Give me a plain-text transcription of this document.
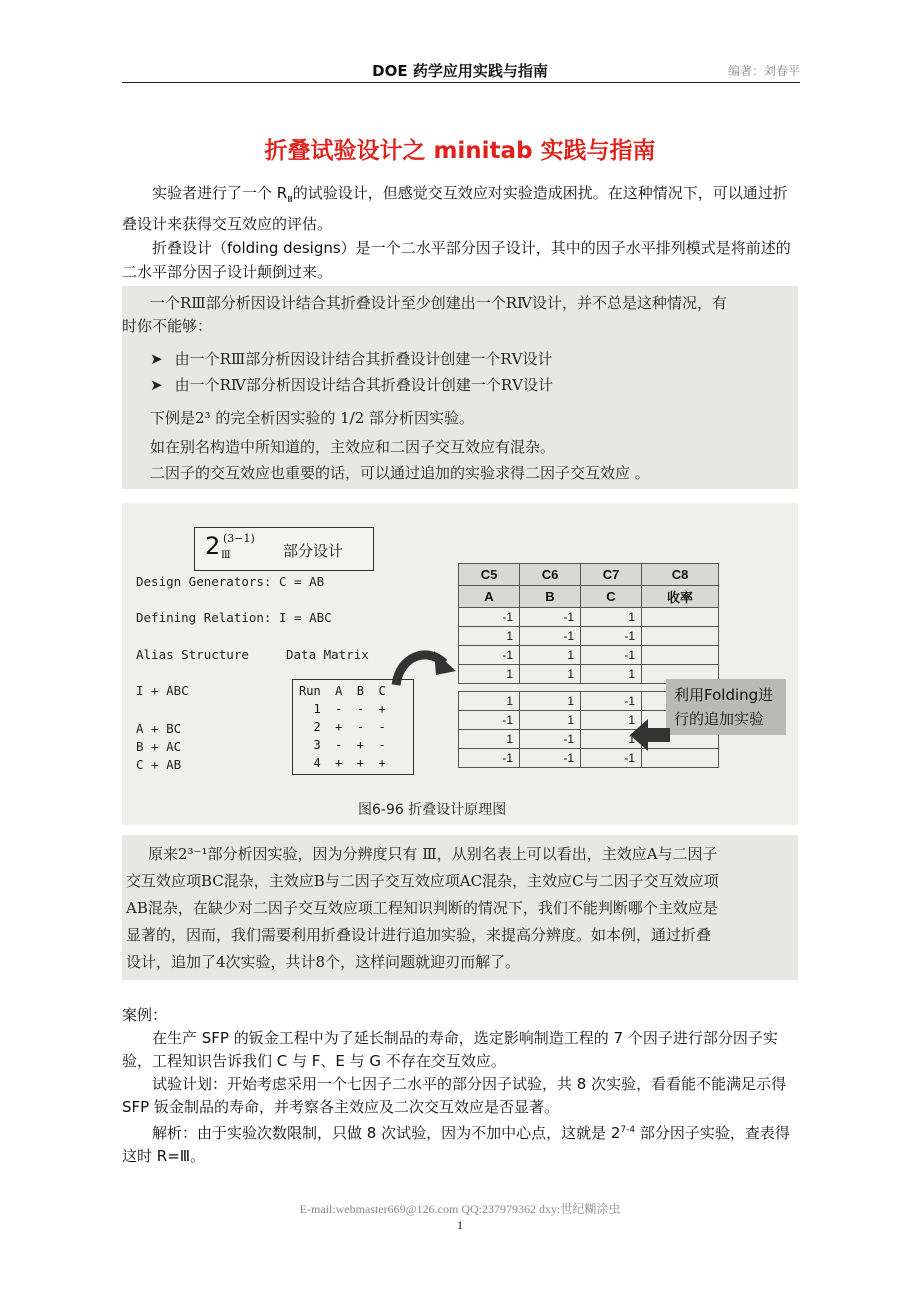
DOE 药学应用实践与指南	编著：刘春平
折叠试验设计之 minitab 实践与指南

实验者进行了一个 $R_Ⅲ$的试验设计，但感觉交互效应对实验造成困扰。在这种情况下，可以通过折叠设计来获得交互效应的评估。

折叠设计（folding designs）是一个二水平部分因子设计，其中的因子水平排列模式是将前述的二水平部分因子设计颠倒过来。

一个RⅢ部分析因设计结合其折叠设计至少创建出一个RⅣ设计，并不总是这种情况，有
时你不能够：
➤ 由一个RⅢ部分析因设计结合其折叠设计创建一个RⅤ设计
➤ 由一个RⅣ部分析因设计结合其折叠设计创建一个RⅤ设计
下例是2³ 的完全析因实验的 1/2 部分析因实验。
如在别名构造中所知道的，主效应和二因子交互效应有混杂。
二因子的交互效应也重要的话，可以通过追加的实验求得二因子交互效应 。
2 Ⅲ
(3−1)
部分设计
Design Generators: C = AB
Defining Relation: I = ABC
Alias Structure	Data Matrix
I + ABC
A + BC
B + AC
C + AB
Run  A  B  C
1  -  -  +
2  +  -  -
3  -  +  -
4  +  +  +
C5	C6	C7	C8
A	B	C	收率
-1	-1	1	
1	-1	-1	
-1	1	-1	
1	1	1	

1	1	-1	
-1	1	1	
1	-1	1	
-1	-1	-1	
利用Folding进行的追加实验
图6-96 折叠设计原理图

原来2³⁻¹部分析因实验，因为分辨度只有 Ⅲ，从别名表上可以看出，主效应A与二因子

交互效应项BC混杂，主效应B与二因子交互效应项AC混杂，主效应C与二因子交互效应项

AB混杂，在缺少对二因子交互效应项工程知识判断的情况下，我们不能判断哪个主效应是

显著的，因而，我们需要利用折叠设计进行追加实验，来提高分辨度。如本例，通过折叠

设计，追加了4次实验，共计8个，这样问题就迎刃而解了。

案例：

在生产 SFP 的钣金工程中为了延长制品的寿命，选定影响制造工程的 7 个因子进行部分因子实验，工程知识告诉我们 C 与 F、E 与 G 不存在交互效应。

试验计划：开始考虑采用一个七因子二水平的部分因子试验，共 8 次实验，看看能不能满足示得 SFP 钣金制品的寿命，并考察各主效应及二次交互效应是否显著。

解析：由于实验次数限制，只做 8 次试验，因为不加中心点，这就是 2$^{7-4}$ 部分因子实验，查表得这时 R=Ⅲ。

E-mail:webmaster669@126.com QQ:237979362 dxy:世纪糊涂虫
1
